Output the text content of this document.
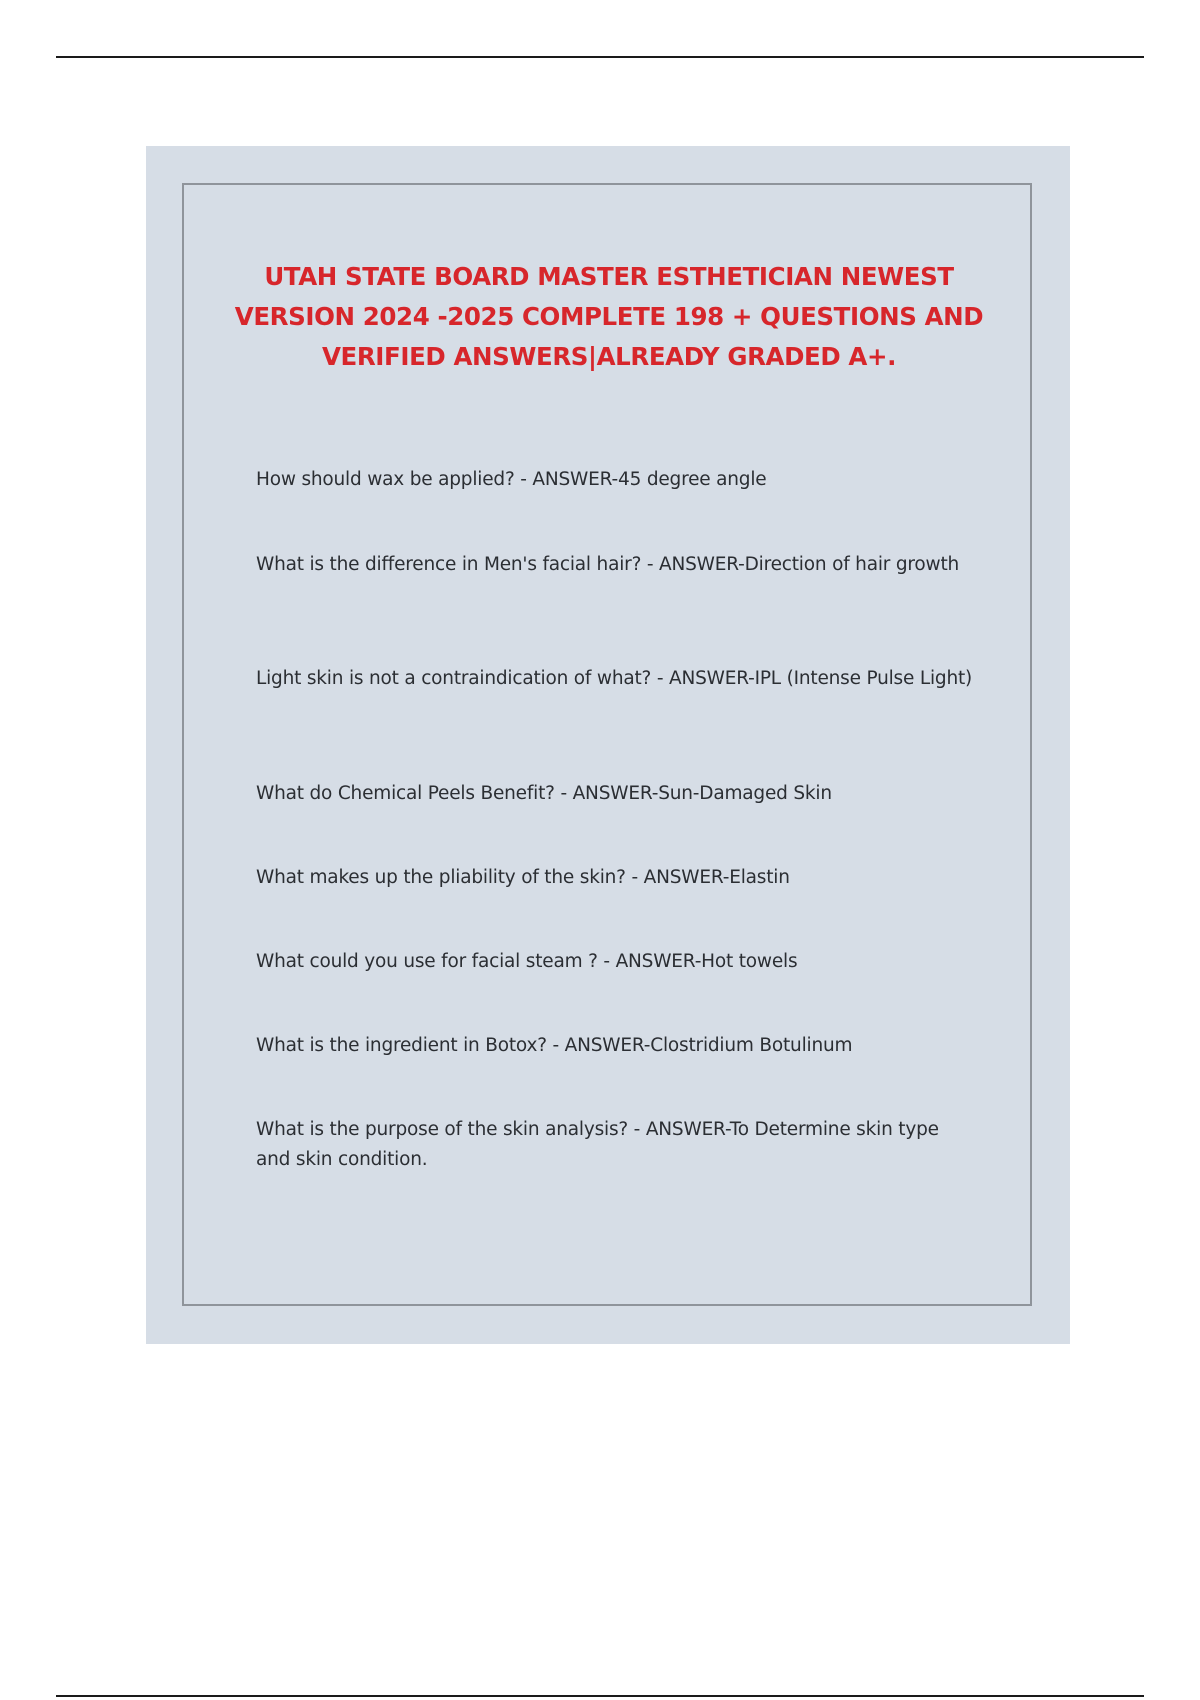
UTAH STATE BOARD MASTER ESTHETICIAN NEWEST VERSION 2024 -2025 COMPLETE 198 + QUESTIONS AND VERIFIED ANSWERS|ALREADY GRADED A+.
How should wax be applied? - ANSWER-45 degree angle
What is the difference in Men's facial hair? - ANSWER-Direction of hair growth
Light skin is not a contraindication of what? - ANSWER-IPL (Intense Pulse Light)
What do Chemical Peels Benefit? - ANSWER-Sun-Damaged Skin
What makes up the pliability of the skin? - ANSWER-Elastin
What could you use for facial steam ? - ANSWER-Hot towels
What is the ingredient in Botox? - ANSWER-Clostridium Botulinum
What is the purpose of the skin analysis? - ANSWER-To Determine skin type and skin condition.
